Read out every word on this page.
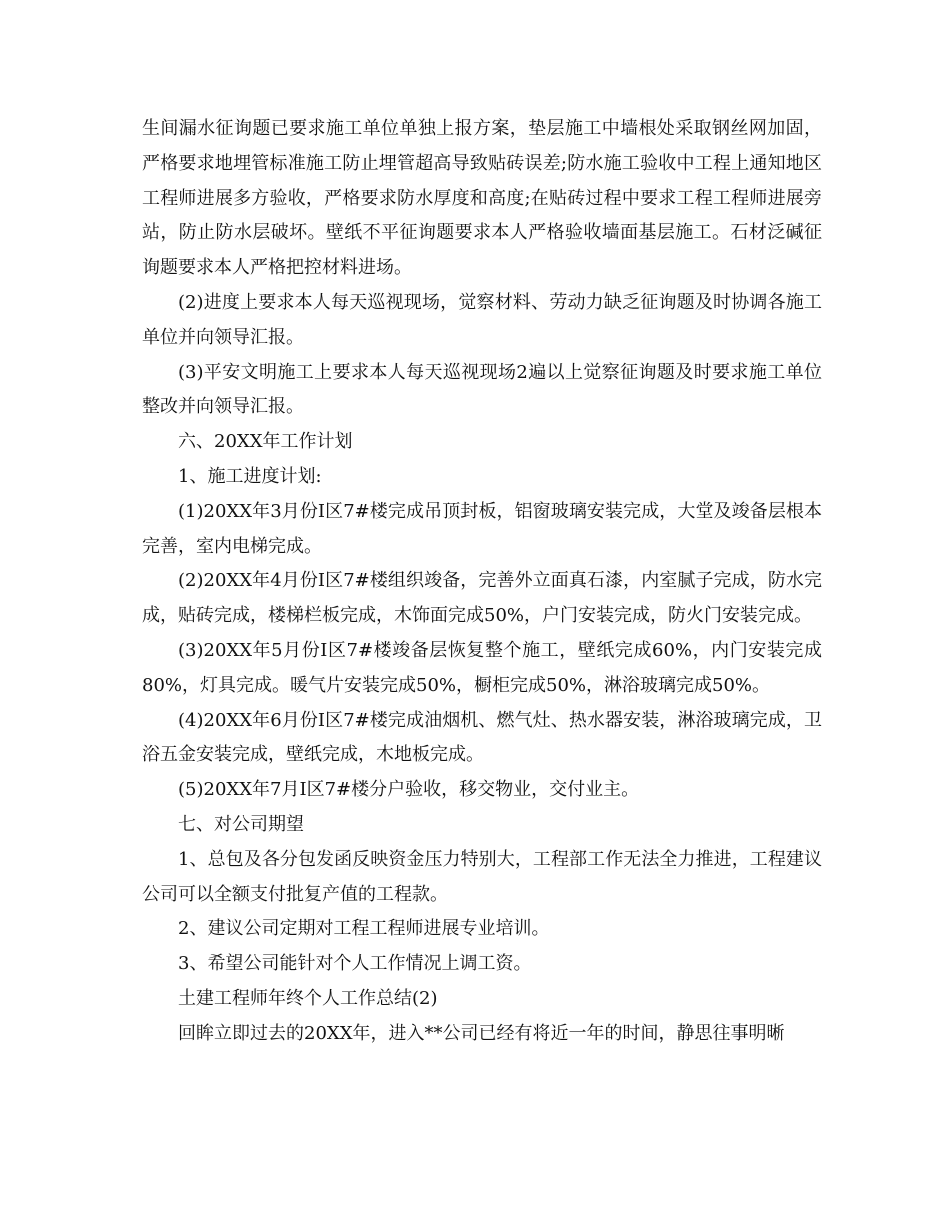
生间漏水征询题已要求施工单位单独上报方案，垫层施工中墙根处采取钢丝网加固，严格要求地埋管标准施工防止埋管超高导致贴砖误差;防水施工验收中工程上通知地区工程师进展多方验收，严格要求防水厚度和高度;在贴砖过程中要求工程工程师进展旁站，防止防水层破坏。壁纸不平征询题要求本人严格验收墙面基层施工。石材泛碱征询题要求本人严格把控材料进场。

(2)进度上要求本人每天巡视现场，觉察材料、劳动力缺乏征询题及时协调各施工单位并向领导汇报。

(3)平安文明施工上要求本人每天巡视现场2遍以上觉察征询题及时要求施工单位整改并向领导汇报。

六、20XX年工作计划

1、施工进度计划:

(1)20XX年3月份Ⅰ区7#楼完成吊顶封板，铝窗玻璃安装完成，大堂及竣备层根本完善，室内电梯完成。

(2)20XX年4月份Ⅰ区7#楼组织竣备，完善外立面真石漆，内室腻子完成，防水完成，贴砖完成，楼梯栏板完成，木饰面完成50%，户门安装完成，防火门安装完成。

(3)20XX年5月份Ⅰ区7#楼竣备层恢复整个施工，壁纸完成60%，内门安装完成80%，灯具完成。暖气片安装完成50%，橱柜完成50%，淋浴玻璃完成50%。

(4)20XX年6月份Ⅰ区7#楼完成油烟机、燃气灶、热水器安装，淋浴玻璃完成，卫浴五金安装完成，壁纸完成，木地板完成。

(5)20XX年7月Ⅰ区7#楼分户验收，移交物业，交付业主。

七、对公司期望

1、总包及各分包发函反映资金压力特别大，工程部工作无法全力推进，工程建议公司可以全额支付批复产值的工程款。

2、建议公司定期对工程工程师进展专业培训。

3、希望公司能针对个人工作情况上调工资。

土建工程师年终个人工作总结(2)

回眸立即过去的20XX年，进入**公司已经有将近一年的时间，静思往事明晰
